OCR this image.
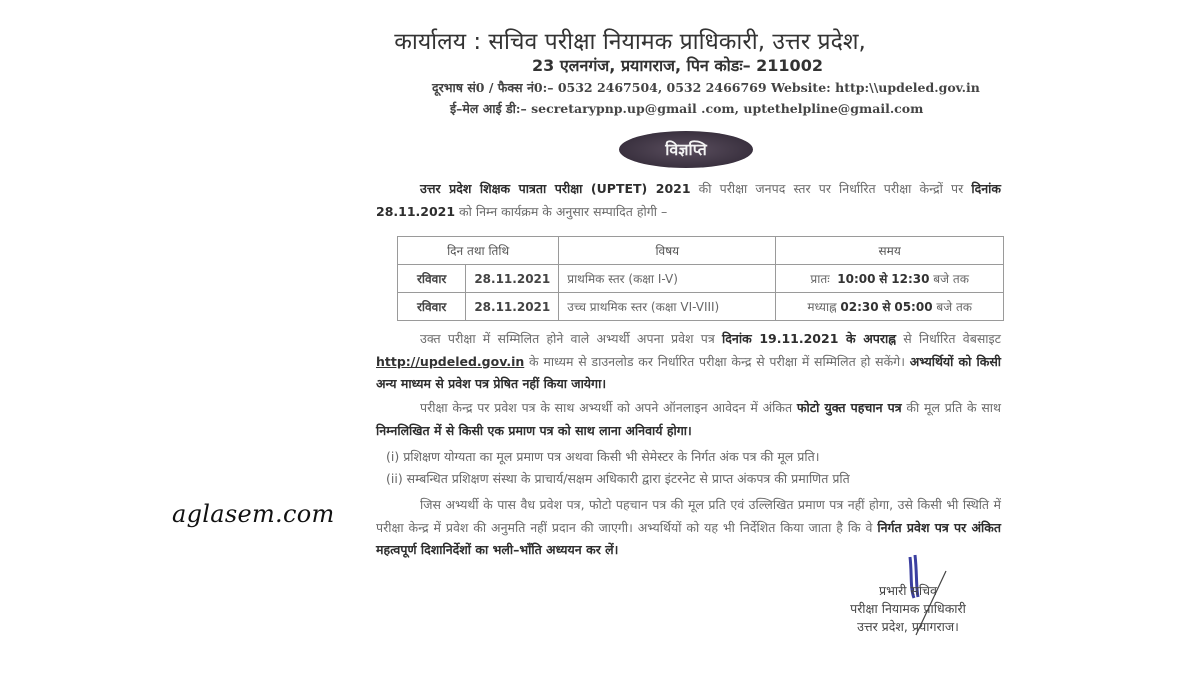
aglasem.com
कार्यालय : सचिव परीक्षा नियामक प्राधिकारी, उत्तर प्रदेश,
23 एलनगंज, प्रयागराज, पिन कोडः– 211002
दूरभाष सं0 / फैक्स नं0:– 0532 2467504, 0532 2466769 Website: http:\\updeled.gov.in
ई–मेल आई डी:– secretarypnp.up@gmail .com, uptethelpline@gmail.com
विज्ञप्ति
उत्तर प्रदेश शिक्षक पात्रता परीक्षा (UPTET) 2021 की परीक्षा जनपद स्तर पर निर्धारित परीक्षा केन्द्रों पर दिनांक 28.11.2021 को निम्न कार्यक्रम के अनुसार सम्पादित होगी –
दिन तथा तिथि		विषय	समय
रविवार	28.11.2021	प्राथमिक स्तर (कक्षा I-V)	प्रातः 10:00 से 12:30 बजे तक
रविवार	28.11.2021	उच्च प्राथमिक स्तर (कक्षा VI-VIII)	मध्याह्न 02:30 से 05:00 बजे तक
उक्त परीक्षा में सम्मिलित होने वाले अभ्यर्थी अपना प्रवेश पत्र दिनांक 19.11.2021 के अपराह्न से निर्धारित वेबसाइट http://updeled.gov.in के माध्यम से डाउनलोड कर निर्धारित परीक्षा केन्द्र से परीक्षा में सम्मिलित हो सकेंगे। अभ्यर्थियों को किसी अन्य माध्यम से प्रवेश पत्र प्रेषित नहीं किया जायेगा।
परीक्षा केन्द्र पर प्रवेश पत्र के साथ अभ्यर्थी को अपने ऑनलाइन आवेदन में अंकित फोटो युक्त पहचान पत्र की मूल प्रति के साथ निम्नलिखित में से किसी एक प्रमाण पत्र को साथ लाना अनिवार्य होगा।
(i) प्रशिक्षण योग्यता का मूल प्रमाण पत्र अथवा किसी भी सेमेस्टर के निर्गत अंक पत्र की मूल प्रति।
(ii) सम्बन्धित प्रशिक्षण संस्था के प्राचार्य/सक्षम अधिकारी द्वारा इंटरनेट से प्राप्त अंकपत्र की प्रमाणित प्रति
जिस अभ्यर्थी के पास वैध प्रवेश पत्र, फोटो पहचान पत्र की मूल प्रति एवं उल्लिखित प्रमाण पत्र नहीं होगा, उसे किसी भी स्थिति में परीक्षा केन्द्र में प्रवेश की अनुमति नहीं प्रदान की जाएगी। अभ्यर्थियों को यह भी निर्देशित किया जाता है कि वे निर्गत प्रवेश पत्र पर अंकित महत्वपूर्ण दिशानिर्देशों का भली–भाँति अध्ययन कर लें।
प्रभारी सचिव
परीक्षा नियामक प्राधिकारी
उत्तर प्रदेश, प्रयागराज।
